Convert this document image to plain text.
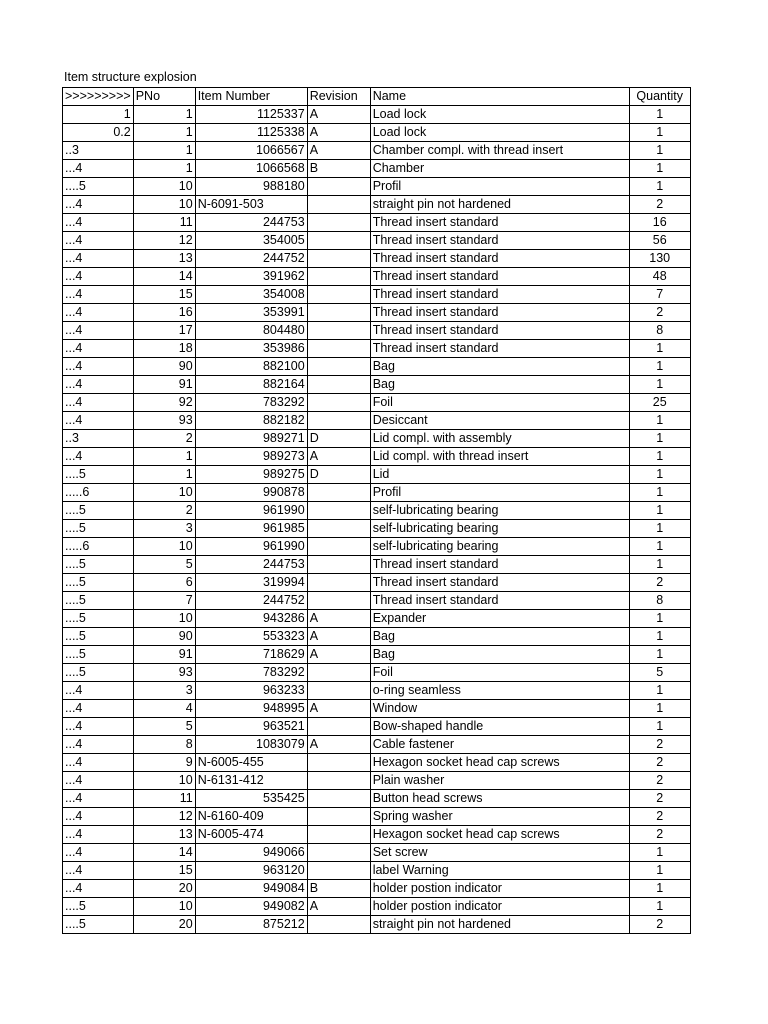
Item structure explosion
>>>>>>>>>	PNo	Item Number	Revision	Name	Quantity
1	1	1125337	A	Load lock	1
0.2	1	1125338	A	Load lock	1
..3	1	1066567	A	Chamber compl. with thread insert	1
...4	1	1066568	B	Chamber	1
....5	10	988180		Profil	1
...4	10	N-6091-503		straight pin not hardened	2
...4	11	244753		Thread insert standard	16
...4	12	354005		Thread insert standard	56
...4	13	244752		Thread insert standard	130
...4	14	391962		Thread insert standard	48
...4	15	354008		Thread insert standard	7
...4	16	353991		Thread insert standard	2
...4	17	804480		Thread insert standard	8
...4	18	353986		Thread insert standard	1
...4	90	882100		Bag	1
...4	91	882164		Bag	1
...4	92	783292		Foil	25
...4	93	882182		Desiccant	1
..3	2	989271	D	Lid compl. with assembly	1
...4	1	989273	A	Lid compl. with thread insert	1
....5	1	989275	D	Lid	1
.....6	10	990878		Profil	1
....5	2	961990		self-lubricating bearing	1
....5	3	961985		self-lubricating bearing	1
.....6	10	961990		self-lubricating bearing	1
....5	5	244753		Thread insert standard	1
....5	6	319994		Thread insert standard	2
....5	7	244752		Thread insert standard	8
....5	10	943286	A	Expander	1
....5	90	553323	A	Bag	1
....5	91	718629	A	Bag	1
....5	93	783292		Foil	5
...4	3	963233		o-ring seamless	1
...4	4	948995	A	Window	1
...4	5	963521		Bow-shaped handle	1
...4	8	1083079	A	Cable fastener	2
...4	9	N-6005-455		Hexagon socket head cap screws	2
...4	10	N-6131-412		Plain washer	2
...4	11	535425		Button head screws	2
...4	12	N-6160-409		Spring washer	2
...4	13	N-6005-474		Hexagon socket head cap screws	2
...4	14	949066		Set screw	1
...4	15	963120		label Warning	1
...4	20	949084	B	holder postion indicator	1
....5	10	949082	A	holder postion indicator	1
....5	20	875212		straight pin not hardened	2
